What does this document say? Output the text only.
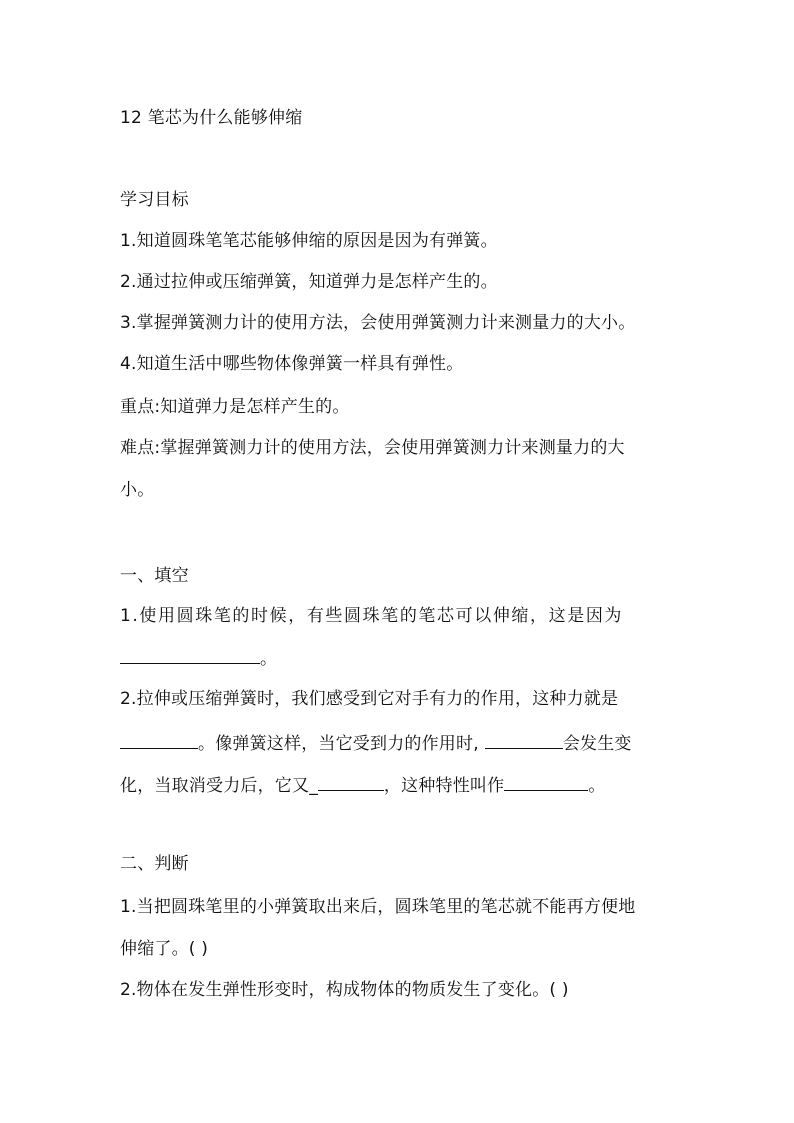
12 笔芯为什么能够伸缩
学习目标
1.知道圆珠笔笔芯能够伸缩的原因是因为有弹簧。
2.通过拉伸或压缩弹簧，知道弹力是怎样产生的。
3.掌握弹簧测力计的使用方法，会使用弹簧测力计来测量力的大小。
4.知道生活中哪些物体像弹簧一样具有弹性。
重点:知道弹力是怎样产生的。
难点:掌握弹簧测力计的使用方法，会使用弹簧测力计来测量力的大
小。
一、填空
1.使用圆珠笔的时候，有些圆珠笔的笔芯可以伸缩，这是因为
。
2.拉伸或压缩弹簧时，我们感受到它对手有力的作用，这种力就是
。像弹簧这样，当它受到力的作用时,	会发生变
化，当取消受力后，它又_	，这种特性叫作	。
二、判断
1.当把圆珠笔里的小弹簧取出来后，圆珠笔里的笔芯就不能再方便地
伸缩了。( )
2.物体在发生弹性形变时，构成物体的物质发生了变化。( )
